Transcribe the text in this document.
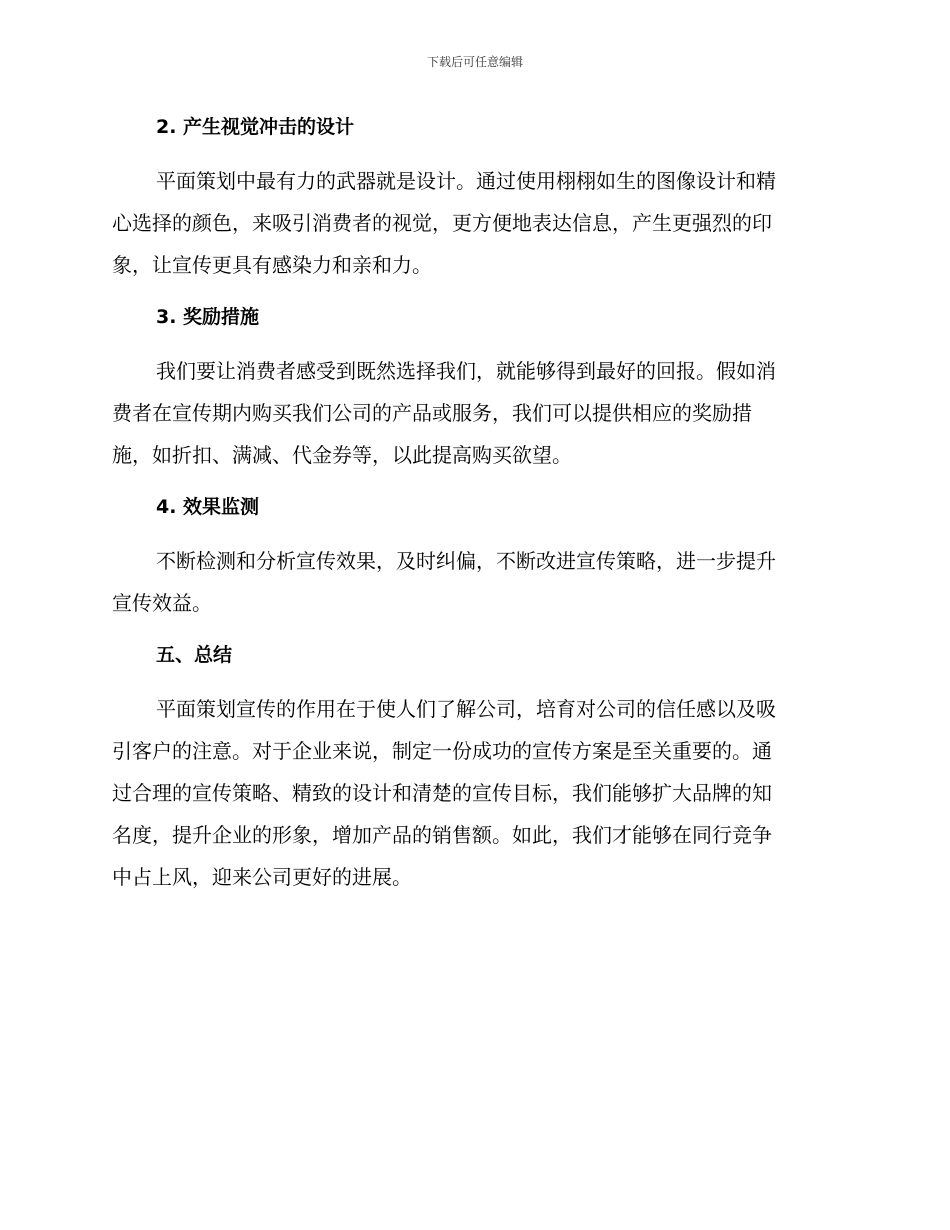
下载后可任意编辑
2. 产生视觉冲击的设计
平面策划中最有力的武器就是设计。通过使用栩栩如生的图像设计和精
心选择的颜色，来吸引消费者的视觉，更方便地表达信息，产生更强烈的印
象，让宣传更具有感染力和亲和力。
3. 奖励措施
我们要让消费者感受到既然选择我们，就能够得到最好的回报。假如消
费者在宣传期内购买我们公司的产品或服务，我们可以提供相应的奖励措
施，如折扣、满减、代金券等，以此提高购买欲望。
4. 效果监测
不断检测和分析宣传效果，及时纠偏，不断改进宣传策略，进一步提升
宣传效益。
五、总结
平面策划宣传的作用在于使人们了解公司，培育对公司的信任感以及吸
引客户的注意。对于企业来说，制定一份成功的宣传方案是至关重要的。通
过合理的宣传策略、精致的设计和清楚的宣传目标，我们能够扩大品牌的知
名度，提升企业的形象，增加产品的销售额。如此，我们才能够在同行竞争
中占上风，迎来公司更好的进展。
